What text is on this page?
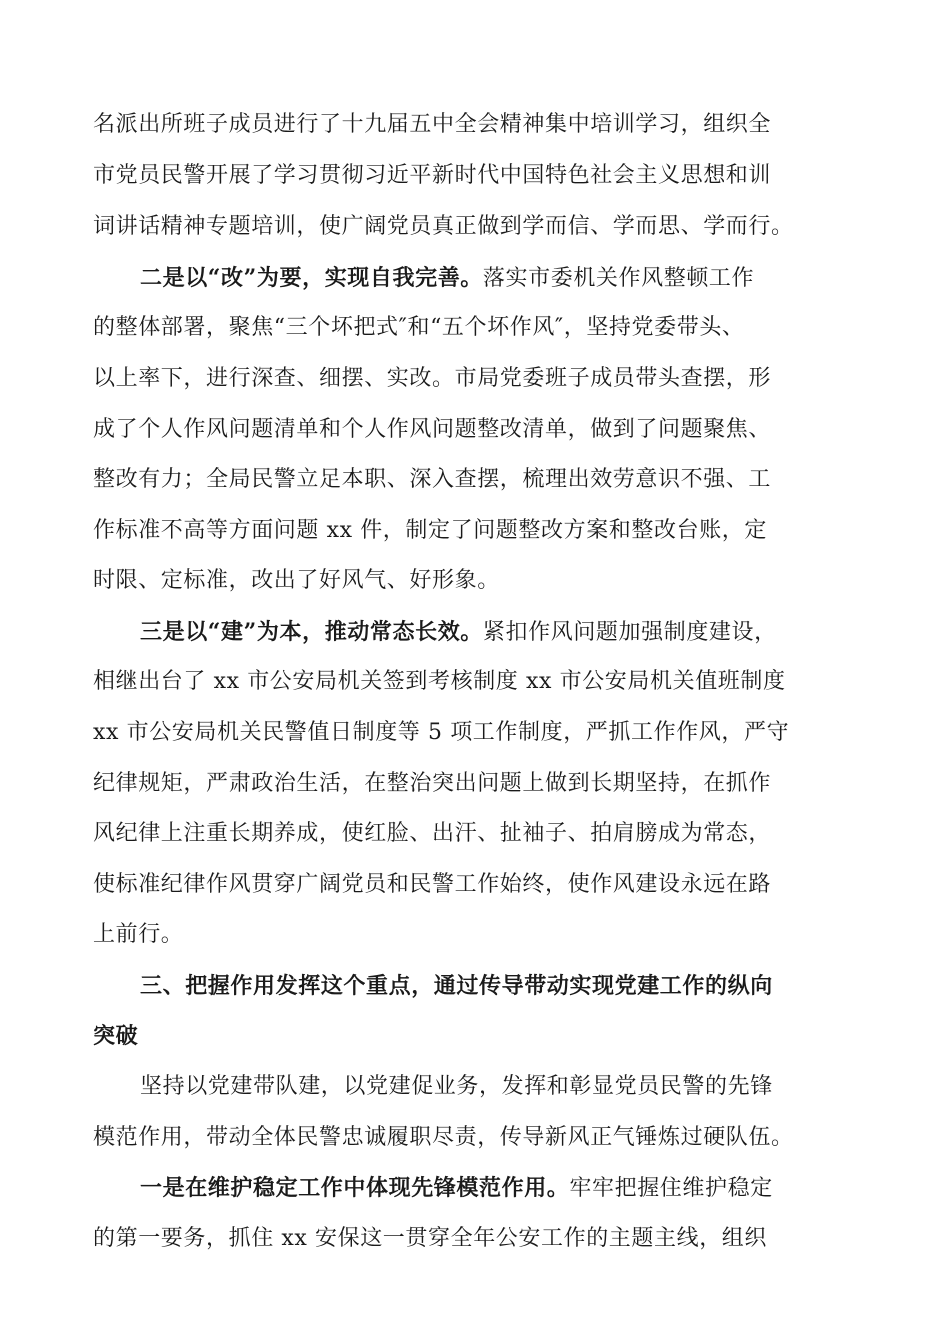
名派出所班子成员进行了十九届五中全会精神集中培训学习，组织全
市党员民警开展了学习贯彻习近平新时代中国特色社会主义思想和训
词讲话精神专题培训，使广阔党员真正做到学而信、学而思、学而行。
二是以“改”为要，实现自我完善。落实市委机关作风整顿工作
的整体部署，聚焦“三个坏把式″和“五个坏作风″，坚持党委带头、
以上率下，进行深查、细摆、实改。市局党委班子成员带头查摆，形
成了个人作风问题清单和个人作风问题整改清单，做到了问题聚焦、
整改有力；全局民警立足本职、深入查摆，梳理出效劳意识不强、工
作标准不高等方面问题 xx 件，制定了问题整改方案和整改台账，定
时限、定标准，改出了好风气、好形象。
三是以“建”为本，推动常态长效。紧扣作风问题加强制度建设，
相继出台了 xx 市公安局机关签到考核制度 xx 市公安局机关值班制度
xx 市公安局机关民警值日制度等 5 项工作制度，严抓工作作风，严守
纪律规矩，严肃政治生活，在整治突出问题上做到长期坚持，在抓作
风纪律上注重长期养成，使红脸、出汗、扯袖子、拍肩膀成为常态，
使标准纪律作风贯穿广阔党员和民警工作始终，使作风建设永远在路
上前行。
三、把握作用发挥这个重点，通过传导带动实现党建工作的纵向
突破
坚持以党建带队建，以党建促业务，发挥和彰显党员民警的先锋
模范作用，带动全体民警忠诚履职尽责，传导新风正气锤炼过硬队伍。
一是在维护稳定工作中体现先锋模范作用。牢牢把握住维护稳定
的第一要务，抓住 xx 安保这一贯穿全年公安工作的主题主线，组织
